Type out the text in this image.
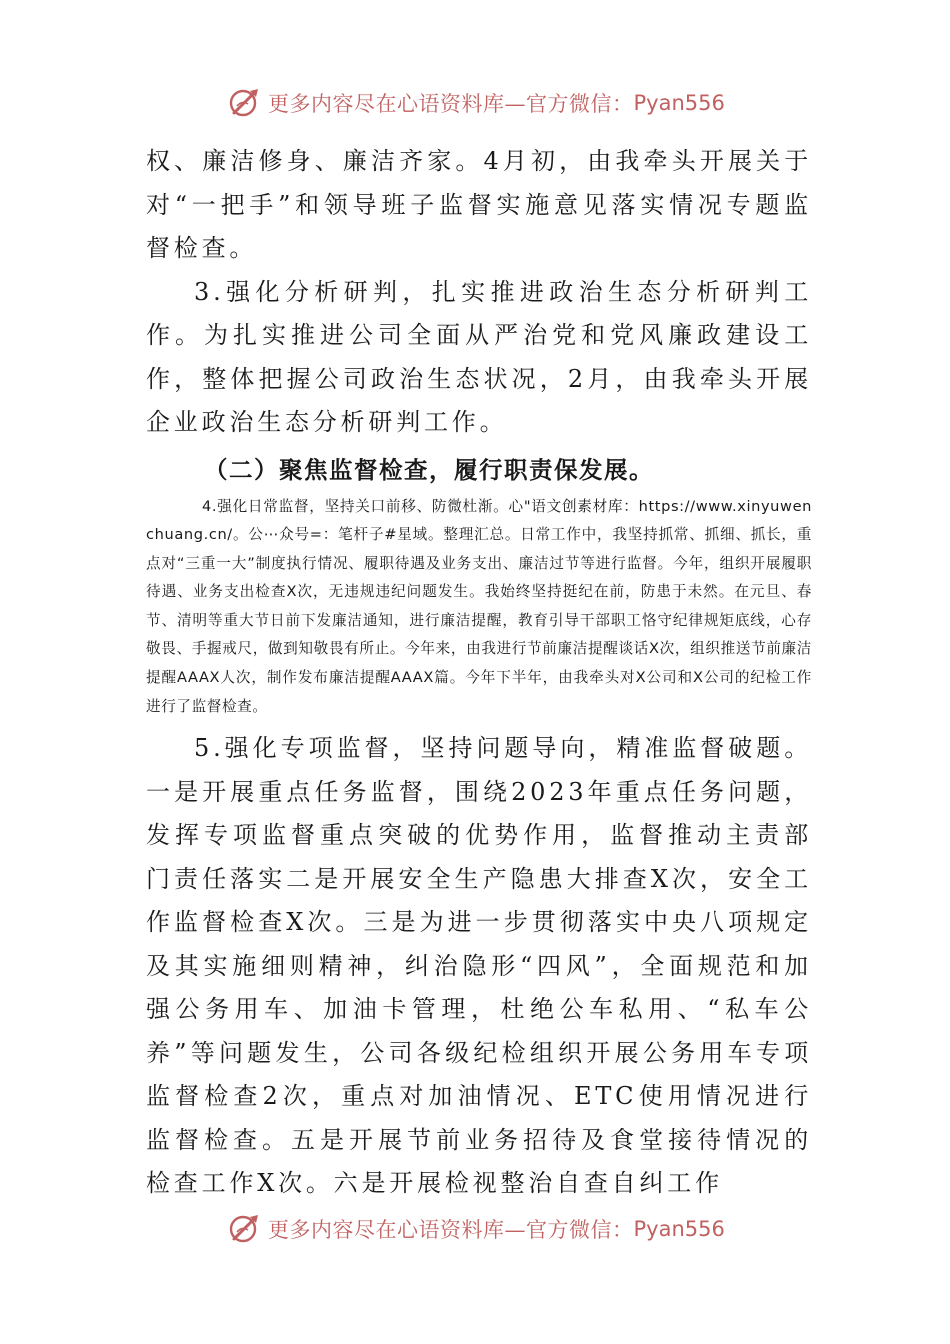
更多内容尽在心语资料库—官方微信： Pyan556

权、廉洁修身、廉洁齐家。4月初，由我牵头开展关于对“一把手”和领导班子监督实施意见落实情况专题监督检查。

3.强化分析研判，扎实推进政治生态分析研判工作。为扎实推进公司全面从严治党和党风廉政建设工作，整体把握公司政治生态状况，2月，由我牵头开展企业政治生态分析研判工作。

（二）聚焦监督检查，履行职责保发展。

4.强化日常监督，坚持关口前移、防微杜渐。心"语文创素材库：https://www.xinyuwenchuang.cn/。公⋯众号=：笔杆子#星域。整理汇总。日常工作中，我坚持抓常、抓细、抓长，重点对“三重一大”制度执行情况、履职待遇及业务支出、廉洁过节等进行监督。今年，组织开展履职待遇、业务支出检查X次，无违规违纪问题发生。我始终坚持挺纪在前，防患于未然。在元旦、春节、清明等重大节日前下发廉洁通知，进行廉洁提醒，教育引导干部职工恪守纪律规矩底线，心存敬畏、手握戒尺，做到知敬畏有所止。今年来，由我进行节前廉洁提醒谈话X次，组织推送节前廉洁提醒AAAX人次，制作发布廉洁提醒AAAX篇。今年下半年，由我牵头对X公司和X公司的纪检工作进行了监督检查。

5.强化专项监督，坚持问题导向，精准监督破题。一是开展重点任务监督，围绕2023年重点任务问题，发挥专项监督重点突破的优势作用，监督推动主责部门责任落实二是开展安全生产隐患大排查X次，安全工作监督检查X次。三是为进一步贯彻落实中央八项规定及其实施细则精神，纠治隐形“四风”，全面规范和加强公务用车、加油卡管理，杜绝公车私用、“私车公养”等问题发生，公司各级纪检组织开展公务用车专项监督检查2次，重点对加油情况、ETC使用情况进行监督检查。五是开展节前业务招待及食堂接待情况的检查工作X次。六是开展检视整治自查自纠工作

更多内容尽在心语资料库—官方微信： Pyan556
